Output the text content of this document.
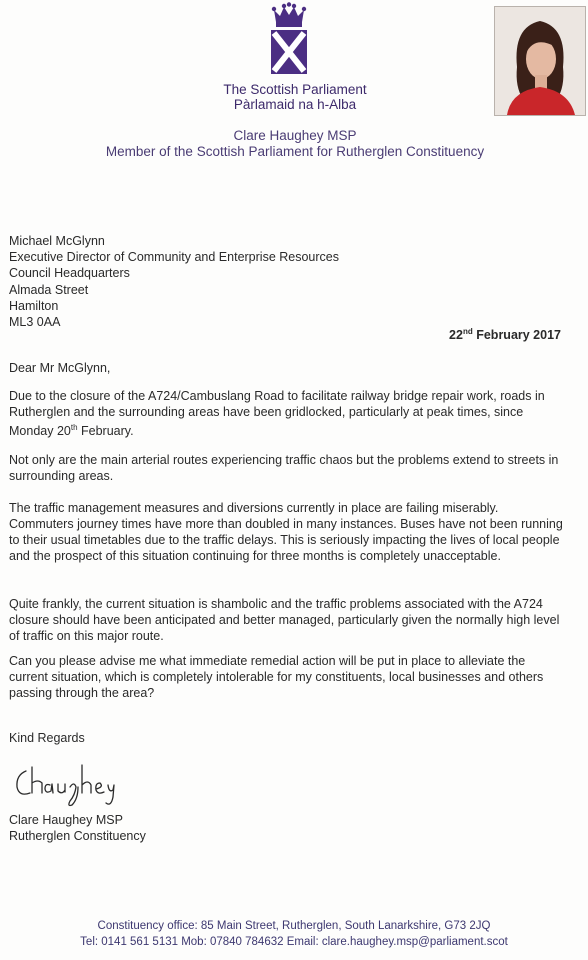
The Scottish Parliament
Pàrlamaid na h-Alba
Clare Haughey MSP
Member of the Scottish Parliament for Rutherglen Constituency
Michael McGlynn
Executive Director of Community and Enterprise Resources
Council Headquarters
Almada Street
Hamilton
ML3 0AA
22nd February 2017

Dear Mr McGlynn,

Due to the closure of the A724/Cambuslang Road to facilitate railway bridge repair work, roads in Rutherglen and the surrounding areas have been gridlocked, particularly at peak times, since Monday 20th February.

Not only are the main arterial routes experiencing traffic chaos but the problems extend to streets in surrounding areas.

The traffic management measures and diversions currently in place are failing miserably. Commuters journey times have more than doubled in many instances. Buses have not been running to their usual timetables due to the traffic delays. This is seriously impacting the lives of local people and the prospect of this situation continuing for three months is completely unacceptable.

Quite frankly, the current situation is shambolic and the traffic problems associated with the A724 closure should have been anticipated and better managed, particularly given the normally high level of traffic on this major route.

Can you please advise me what immediate remedial action will be put in place to alleviate the current situation, which is completely intolerable for my constituents, local businesses and others passing through the area?

Kind Regards

Clare Haughey MSP
Rutherglen Constituency
Constituency office: 85 Main Street, Rutherglen, South Lanarkshire, G73 2JQ
Tel: 0141 561 5131 Mob: 07840 784632 Email: clare.haughey.msp@parliament.scot
